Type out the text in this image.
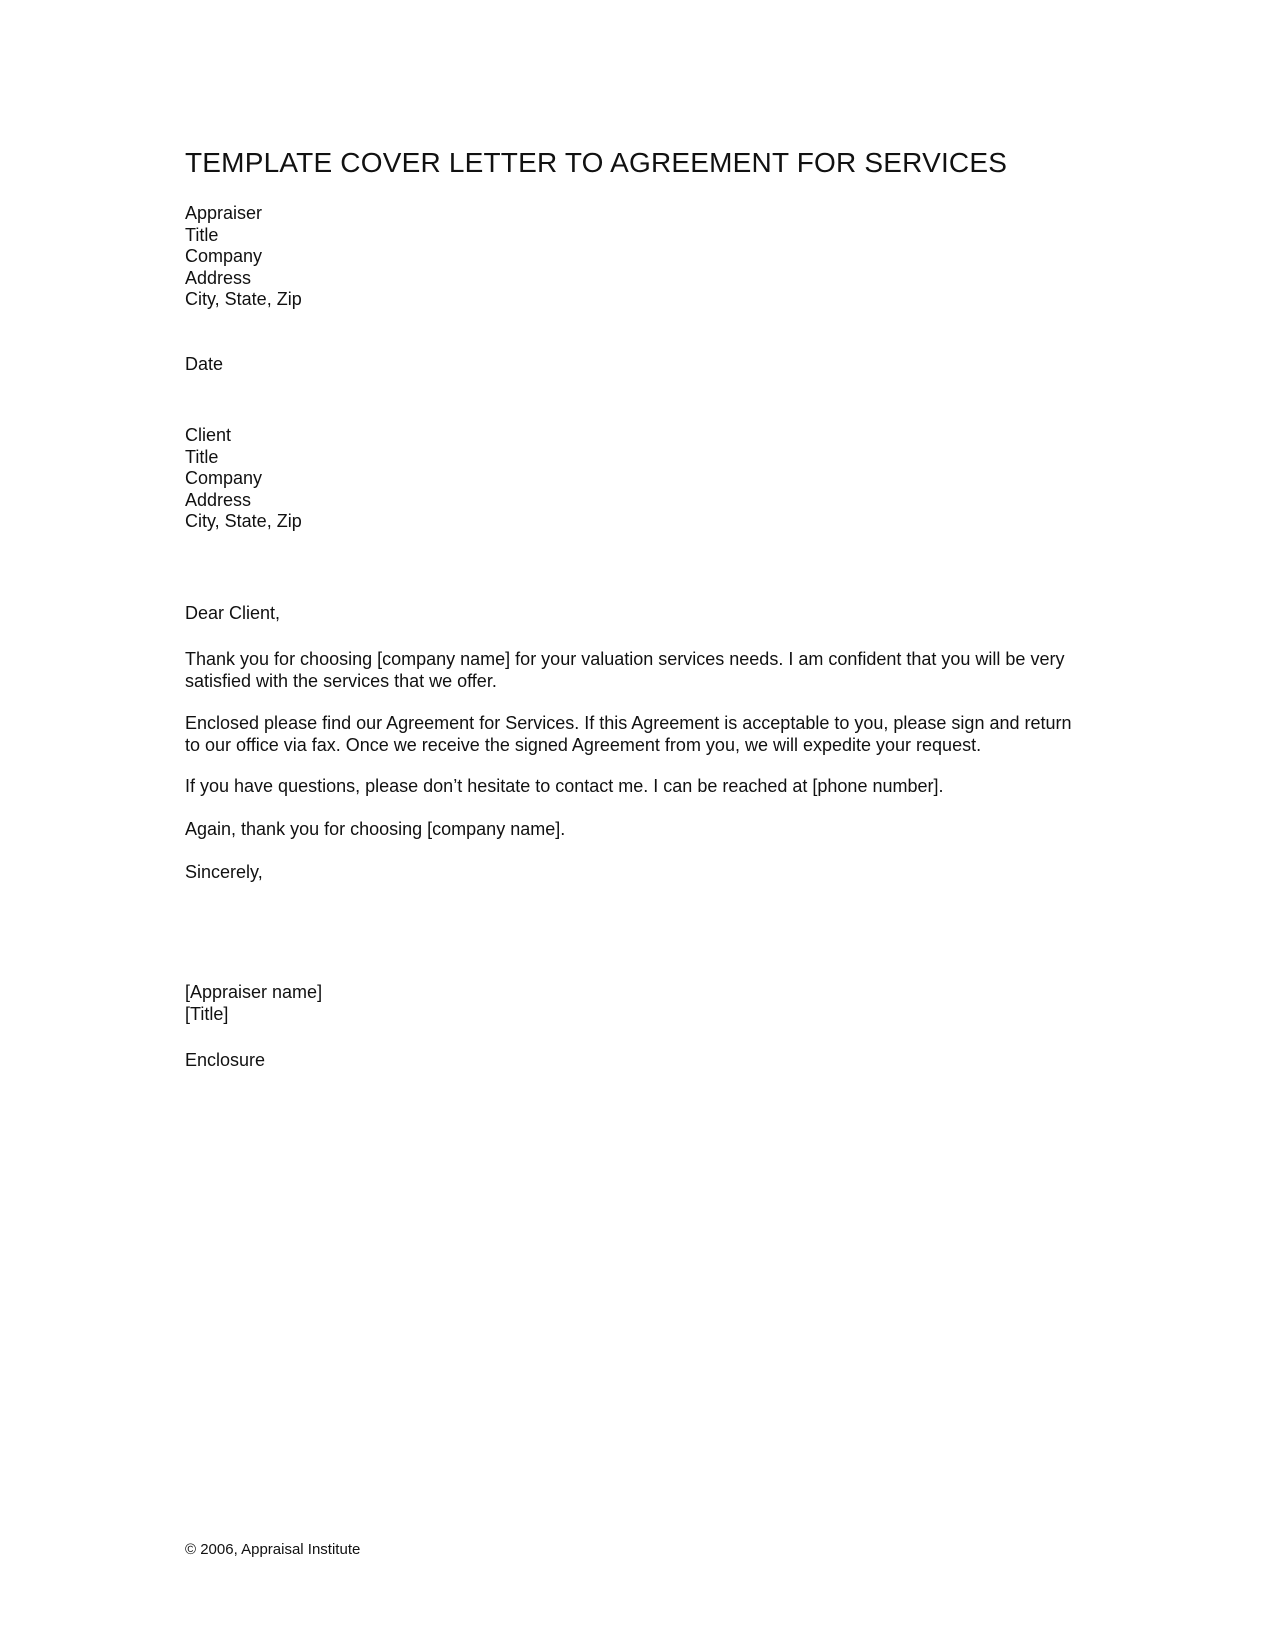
TEMPLATE COVER LETTER TO AGREEMENT FOR SERVICES
Appraiser
Title
Company
Address
City, State, Zip
Date
Client
Title
Company
Address
City, State, Zip
Dear Client,

Thank you for choosing [company name] for your valuation services needs. I am confident that you will be very satisfied with the services that we offer.

Enclosed please find our Agreement for Services. If this Agreement is acceptable to you, please sign and return to our office via fax. Once we receive the signed Agreement from you, we will expedite your request.

If you have questions, please don’t hesitate to contact me. I can be reached at [phone number].

Again, thank you for choosing [company name].

Sincerely,
[Appraiser name]
[Title]
Enclosure
© 2006, Appraisal Institute
